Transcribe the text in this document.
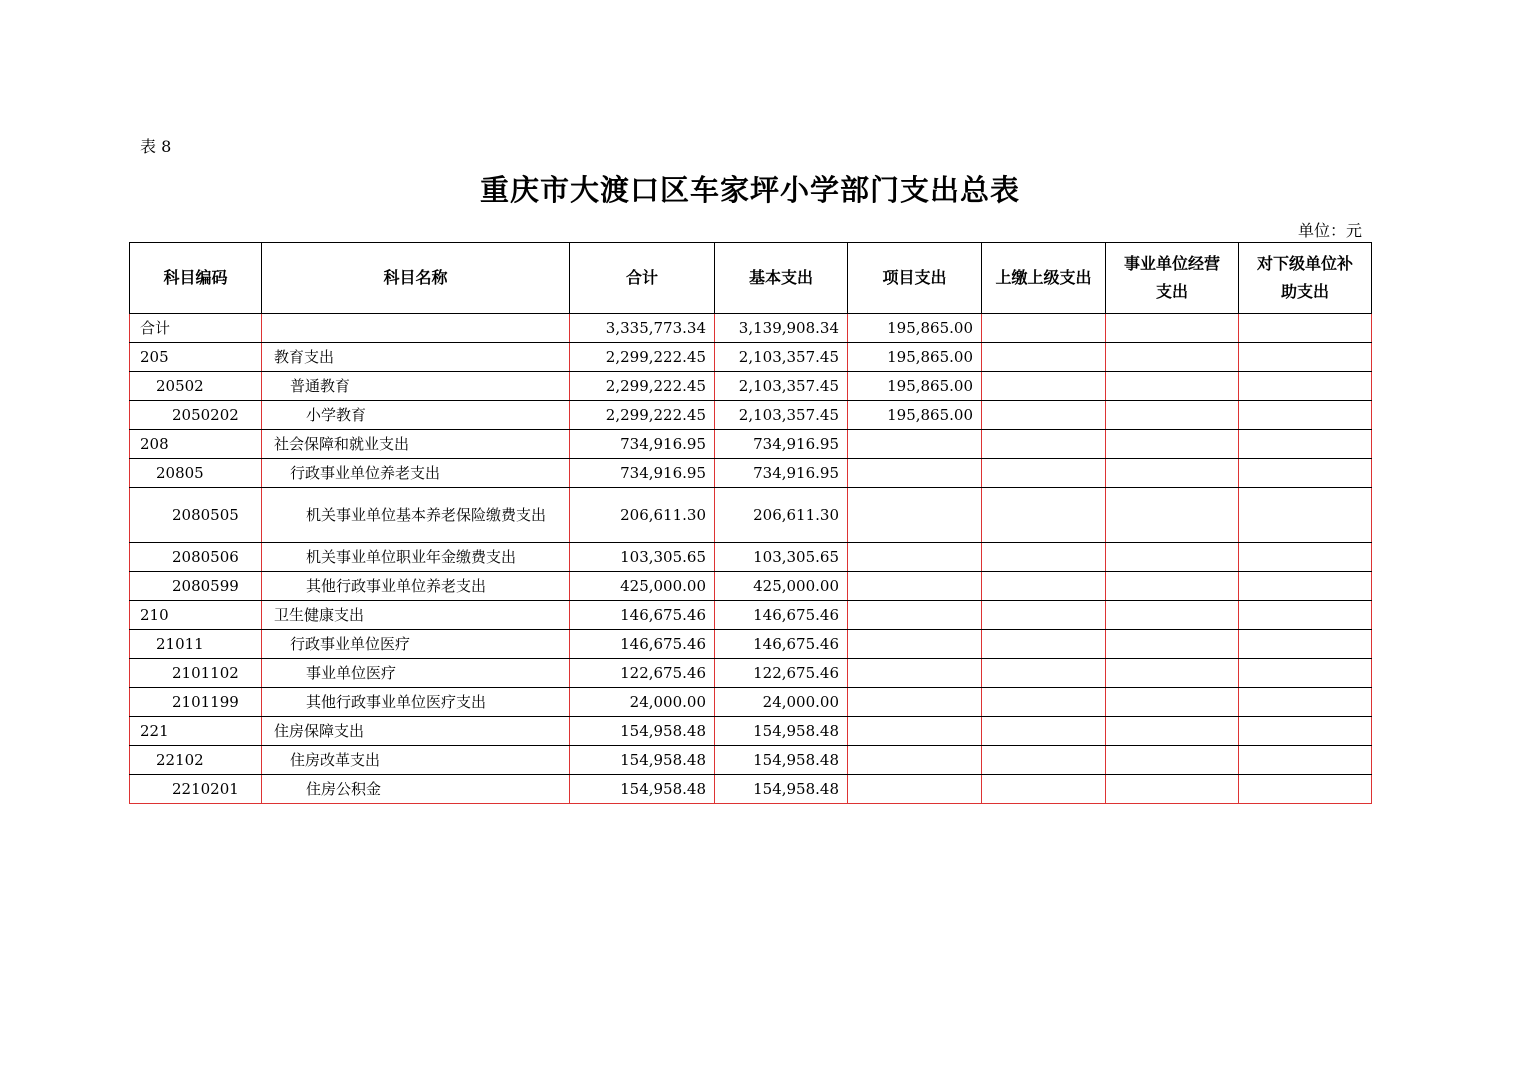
表 8
重庆市大渡口区车家坪小学部门支出总表
单位：元
科目编码	科目名称	合计	基本支出	项目支出	上缴上级支出	事业单位经营支出	对下级单位补助支出
合计		3,335,773.34	3,139,908.34	195,865.00			
205	教育支出	2,299,222.45	2,103,357.45	195,865.00			
20502	普通教育	2,299,222.45	2,103,357.45	195,865.00			
2050202	小学教育	2,299,222.45	2,103,357.45	195,865.00			
208	社会保障和就业支出	734,916.95	734,916.95				
20805	行政事业单位养老支出	734,916.95	734,916.95				
2080505	机关事业单位基本养老保险缴费支出	206,611.30	206,611.30				
2080506	机关事业单位职业年金缴费支出	103,305.65	103,305.65				
2080599	其他行政事业单位养老支出	425,000.00	425,000.00				
210	卫生健康支出	146,675.46	146,675.46				
21011	行政事业单位医疗	146,675.46	146,675.46				
2101102	事业单位医疗	122,675.46	122,675.46				
2101199	其他行政事业单位医疗支出	24,000.00	24,000.00				
221	住房保障支出	154,958.48	154,958.48				
22102	住房改革支出	154,958.48	154,958.48				
2210201	住房公积金	154,958.48	154,958.48				
